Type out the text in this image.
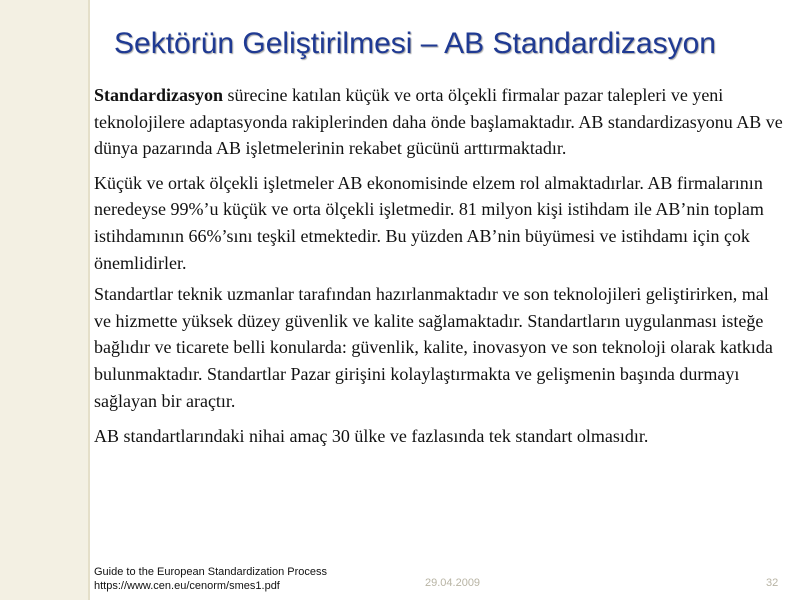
Sektörün Geliştirilmesi – AB Standardizasyon

Standardizasyon sürecine katılan küçük ve orta ölçekli firmalar pazar talepleri ve yeni teknolojilere adaptasyonda rakiplerinden daha önde başlamaktadır. AB standardizasyonu AB ve dünya pazarında AB işletmelerinin rekabet gücünü arttırmaktadır.

Küçük ve ortak ölçekli işletmeler AB ekonomisinde elzem rol almaktadırlar. AB firmalarının neredeyse 99%’u küçük ve orta ölçekli işletmedir. 81 milyon kişi istihdam ile AB’nin toplam istihdamının 66%’sını teşkil etmektedir. Bu yüzden AB’nin büyümesi ve istihdamı için çok önemlidirler.

Standartlar teknik uzmanlar tarafından hazırlanmaktadır ve son teknolojileri geliştirirken, mal ve hizmette yüksek düzey güvenlik ve kalite sağlamaktadır. Standartların uygulanması isteğe bağlıdır ve ticarete belli konularda: güvenlik, kalite, inovasyon ve son teknoloji olarak katkıda bulunmaktadır. Standartlar Pazar girişini kolaylaştırmakta ve gelişmenin başında durmayı sağlayan bir araçtır.

AB standartlarındaki nihai amaç 30 ülke ve fazlasında tek standart olmasıdır.

Guide to the European Standardization Process
https://www.cen.eu/cenorm/smes1.pdf	29.04.2009	32
